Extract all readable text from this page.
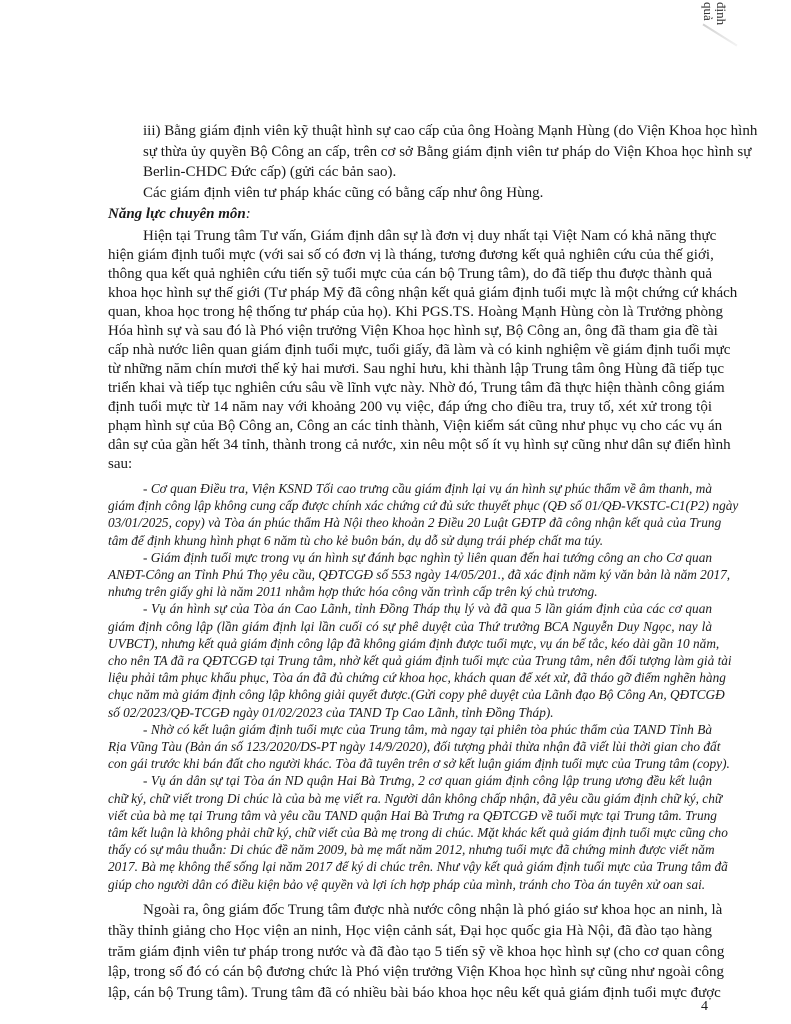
định
quả
iii) Bằng giám định viên kỹ thuật hình sự cao cấp của ông Hoàng Mạnh Hùng (do Viện Khoa học hình
sự thừa ủy quyền Bộ Công an cấp, trên cơ sở Bằng giám định viên tư pháp do Viện Khoa học hình sự
Berlin-CHDC Đức cấp) (gửi các bản sao).
Các giám định viên tư pháp khác cũng có bằng cấp như ông Hùng.
Năng lực chuyên môn:
Hiện tại Trung tâm Tư vấn, Giám định dân sự là đơn vị duy nhất tại Việt Nam có khả năng thực
hiện giám định tuổi mực (với sai số có đơn vị là tháng, tương đương kết quả nghiên cứu của thế giới,
thông qua kết quả nghiên cứu tiến sỹ tuổi mực của cán bộ Trung tâm), do đã tiếp thu được thành quả
khoa học hình sự thế giới (Tư pháp Mỹ đã công nhận kết quả giám định tuổi mực là một chứng cứ khách
quan, khoa học trong hệ thống tư pháp của họ). Khi PGS.TS. Hoàng Mạnh Hùng còn là Trưởng phòng
Hóa hình sự và sau đó là Phó viện trưởng Viện Khoa học hình sự, Bộ Công an, ông đã tham gia đề tài
cấp nhà nước liên quan giám định tuổi mực, tuổi giấy, đã làm và có kinh nghiệm về giám định tuổi mực
từ những năm chín mươi thế kỷ hai mươi. Sau nghỉ hưu, khi thành lập Trung tâm ông Hùng đã tiếp tục
triển khai và tiếp tục nghiên cứu sâu về lĩnh vực này. Nhờ đó, Trung tâm đã thực hiện thành công giám
định tuổi mực từ 14 năm nay với khoảng 200 vụ việc, đáp ứng cho điều tra, truy tố, xét xử trong tội
phạm hình sự của Bộ Công an, Công an các tỉnh thành, Viện kiểm sát cũng như phục vụ cho các vụ án
dân sự của gần hết 34 tỉnh, thành trong cả nước, xin nêu một số ít vụ hình sự cũng như dân sự điển hình
sau:
- Cơ quan Điều tra, Viện KSND Tối cao trưng cầu giám định lại vụ án hình sự phúc thẩm về âm thanh, mà
giám định công lập không cung cấp được chính xác chứng cứ đủ sức thuyết phục (QĐ số 01/QĐ-VKSTC-C1(P2) ngày
03/01/2025, copy) và Tòa án phúc thẩm Hà Nội theo khoản 2 Điều 20 Luật GĐTP đã công nhận kết quả của Trung
tâm để định khung hình phạt 6 năm tù cho kẻ buôn bán, dụ dỗ sử dụng trái phép chất ma túy.
- Giám định tuổi mực trong vụ án hình sự đánh bạc nghìn tỷ liên quan đến hai tướng công an cho Cơ quan
ANĐT-Công an Tỉnh Phú Thọ yêu cầu, QĐTCGĐ số 553 ngày 14/05/201., đã xác định năm ký văn bản là năm 2017,
nhưng trên giấy ghi là năm 2011 nhằm hợp thức hóa công văn trình cấp trên ký chủ trương.
- Vụ án hình sự của Tòa án Cao Lãnh, tỉnh Đồng Tháp thụ lý và đã qua 5 lần giám định của các cơ quan
giám định công lập (lần giám định lại lần cuối có sự phê duyệt của Thứ trưởng BCA Nguyễn Duy Ngọc, nay là
UVBCT), nhưng kết quả giám định công lập đã không giám định được tuổi mực, vụ án bế tắc, kéo dài gần 10 năm,
cho nên TA đã ra QĐTCGĐ tại Trung tâm, nhờ kết quả giám định tuổi mực của Trung tâm, nên đối tượng làm giả tài
liệu phải tâm phục khẩu phục, Tòa án đã đủ chứng cứ khoa học, khách quan để xét xử, đã tháo gỡ điểm nghẽn hàng
chục năm mà giám định công lập không giải quyết được.(Gửi copy phê duyệt của Lãnh đạo Bộ Công An, QĐTCGĐ
số 02/2023/QĐ-TCGĐ ngày 01/02/2023 của TAND Tp Cao Lãnh, tỉnh Đồng Tháp).
- Nhờ có kết luận giám định tuổi mực của Trung tâm, mà ngay tại phiên tòa phúc thẩm của TAND Tỉnh Bà
Rịa Vũng Tàu (Bản án số 123/2020/DS-PT ngày 14/9/2020), đối tượng phải thừa nhận đã viết lùi thời gian cho đất
con gái trước khi bán đất cho người khác. Tòa đã tuyên trên ơ sở kết luận giám định tuổi mực của Trung tâm (copy).
- Vụ án dân sự tại Tòa án ND quận Hai Bà Trưng, 2 cơ quan giám định công lập trung ương đều kết luận
chữ ký, chữ viết trong Di chúc là của bà mẹ viết ra. Người dân không chấp nhận, đã yêu cầu giám định chữ ký, chữ
viết của bà mẹ tại Trung tâm và yêu cầu TAND quận Hai Bà Trưng ra QĐTCGĐ về tuổi mực tại Trung tâm. Trung
tâm kết luận là không phải chữ ký, chữ viết của Bà mẹ trong di chúc. Mặt khác kết quả giám định tuổi mực cũng cho
thấy có sự mâu thuẫn: Di chúc đề năm 2009, bà mẹ mất năm 2012, nhưng tuổi mực đã chứng minh được viết năm
2017. Bà mẹ không thể sống lại năm 2017 để ký di chúc trên. Như vậy kết quả giám định tuổi mực của Trung tâm đã
giúp cho người dân có điều kiện bảo vệ quyền và lợi ích hợp pháp của mình, tránh cho Tòa án tuyên xử oan sai.
Ngoài ra, ông giám đốc Trung tâm được nhà nước công nhận là phó giáo sư khoa học an ninh, là
thầy thỉnh giảng cho Học viện an ninh, Học viện cảnh sát, Đại học quốc gia Hà Nội, đã đào tạo hàng
trăm giám định viên tư pháp trong nước và đã đào tạo 5 tiến sỹ về khoa học hình sự (cho cơ quan công
lập, trong số đó có cán bộ đương chức là Phó viện trưởng Viện Khoa học hình sự cũng như ngoài công
lập, cán bộ Trung tâm). Trung tâm đã có nhiều bài báo khoa học nêu kết quả giám định tuổi mực được
4
